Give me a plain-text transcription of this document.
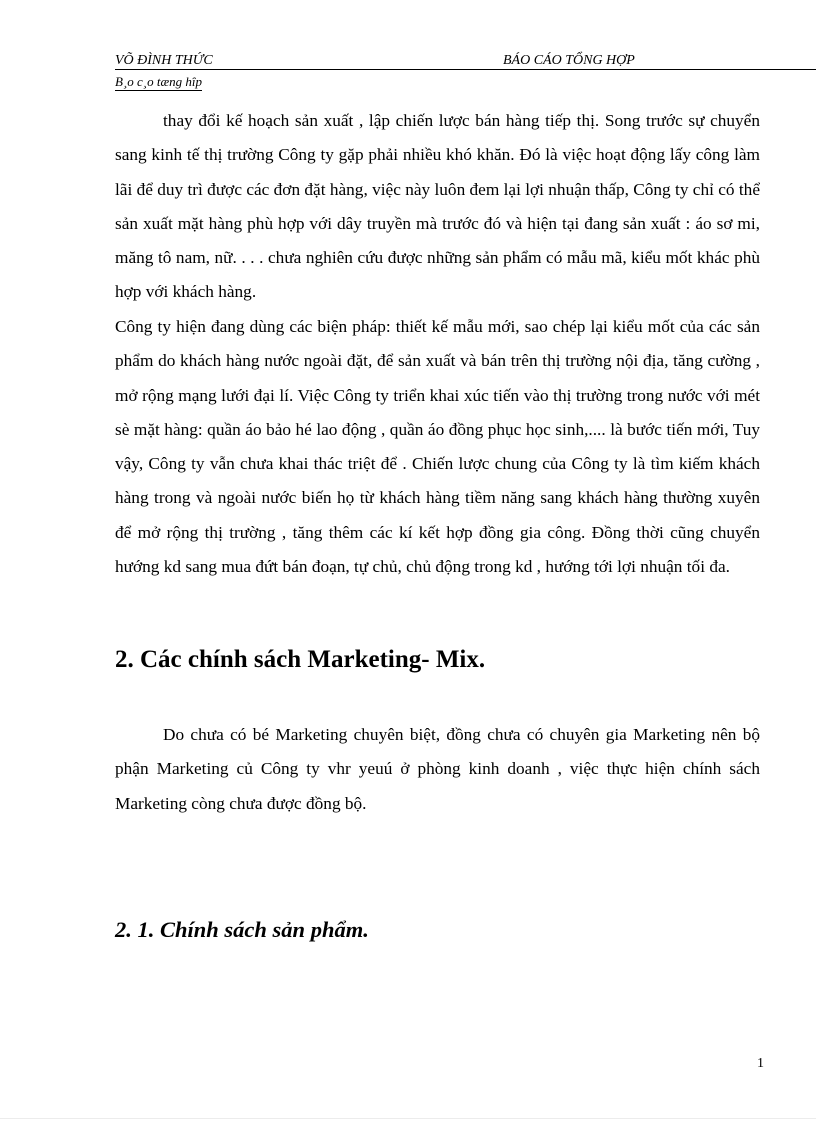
VÕ ĐÌNH THỨC	BÁO CÁO TỔNG HỢP
B¸o c¸o tæng hîp

thay đổi kế hoạch sản xuất , lập chiến lược bán hàng tiếp thị. Song trước sự chuyển sang kinh tế thị trường Công ty gặp phải nhiều khó khăn. Đó là việc hoạt động lấy công làm lãi để duy trì được các đơn đặt hàng, việc này luôn đem lại lợi nhuận thấp, Công ty chỉ có thể sản xuất mặt hàng phù hợp với dây truyền mà trước đó và hiện tại đang sản xuất : áo sơ mi, măng tô nam, nữ. . . . chưa nghiên cứu được những sản phẩm có mẫu mã, kiểu mốt khác phù hợp với khách hàng.

Công ty hiện đang dùng các biện pháp: thiết kế mẫu mới, sao chép lại kiểu mốt của các sản phẩm do khách hàng nước ngoài đặt, để sản xuất và bán trên thị trường nội địa, tăng cường , mở rộng mạng lưới đại lí. Việc Công ty triển khai xúc tiến vào thị trường trong nước với mét sè mặt hàng: quần áo bảo hé lao động , quần áo đồng phục học sinh,.... là bước tiến mới, Tuy vậy, Công ty vẫn chưa khai thác triệt để . Chiến lược chung của Công ty là tìm kiếm khách hàng trong và ngoài nước biến họ từ khách hàng tiềm năng sang khách hàng thường xuyên để mở rộng thị trường , tăng thêm các kí kết hợp đồng gia công. Đồng thời cũng chuyển hướng kd sang mua đứt bán đoạn, tự chủ, chủ động trong kd , hướng tới lợi nhuận tối đa.

2. Các chính sách Marketing- Mix.

Do chưa có bé Marketing chuyên biệt, đồng chưa có chuyên gia Marketing nên bộ phận Marketing củ Công ty vhr yeuú ở phòng kinh doanh , việc thực hiện chính sách Marketing còng chưa được đồng bộ.

2. 1. Chính sách sản phẩm.
1
